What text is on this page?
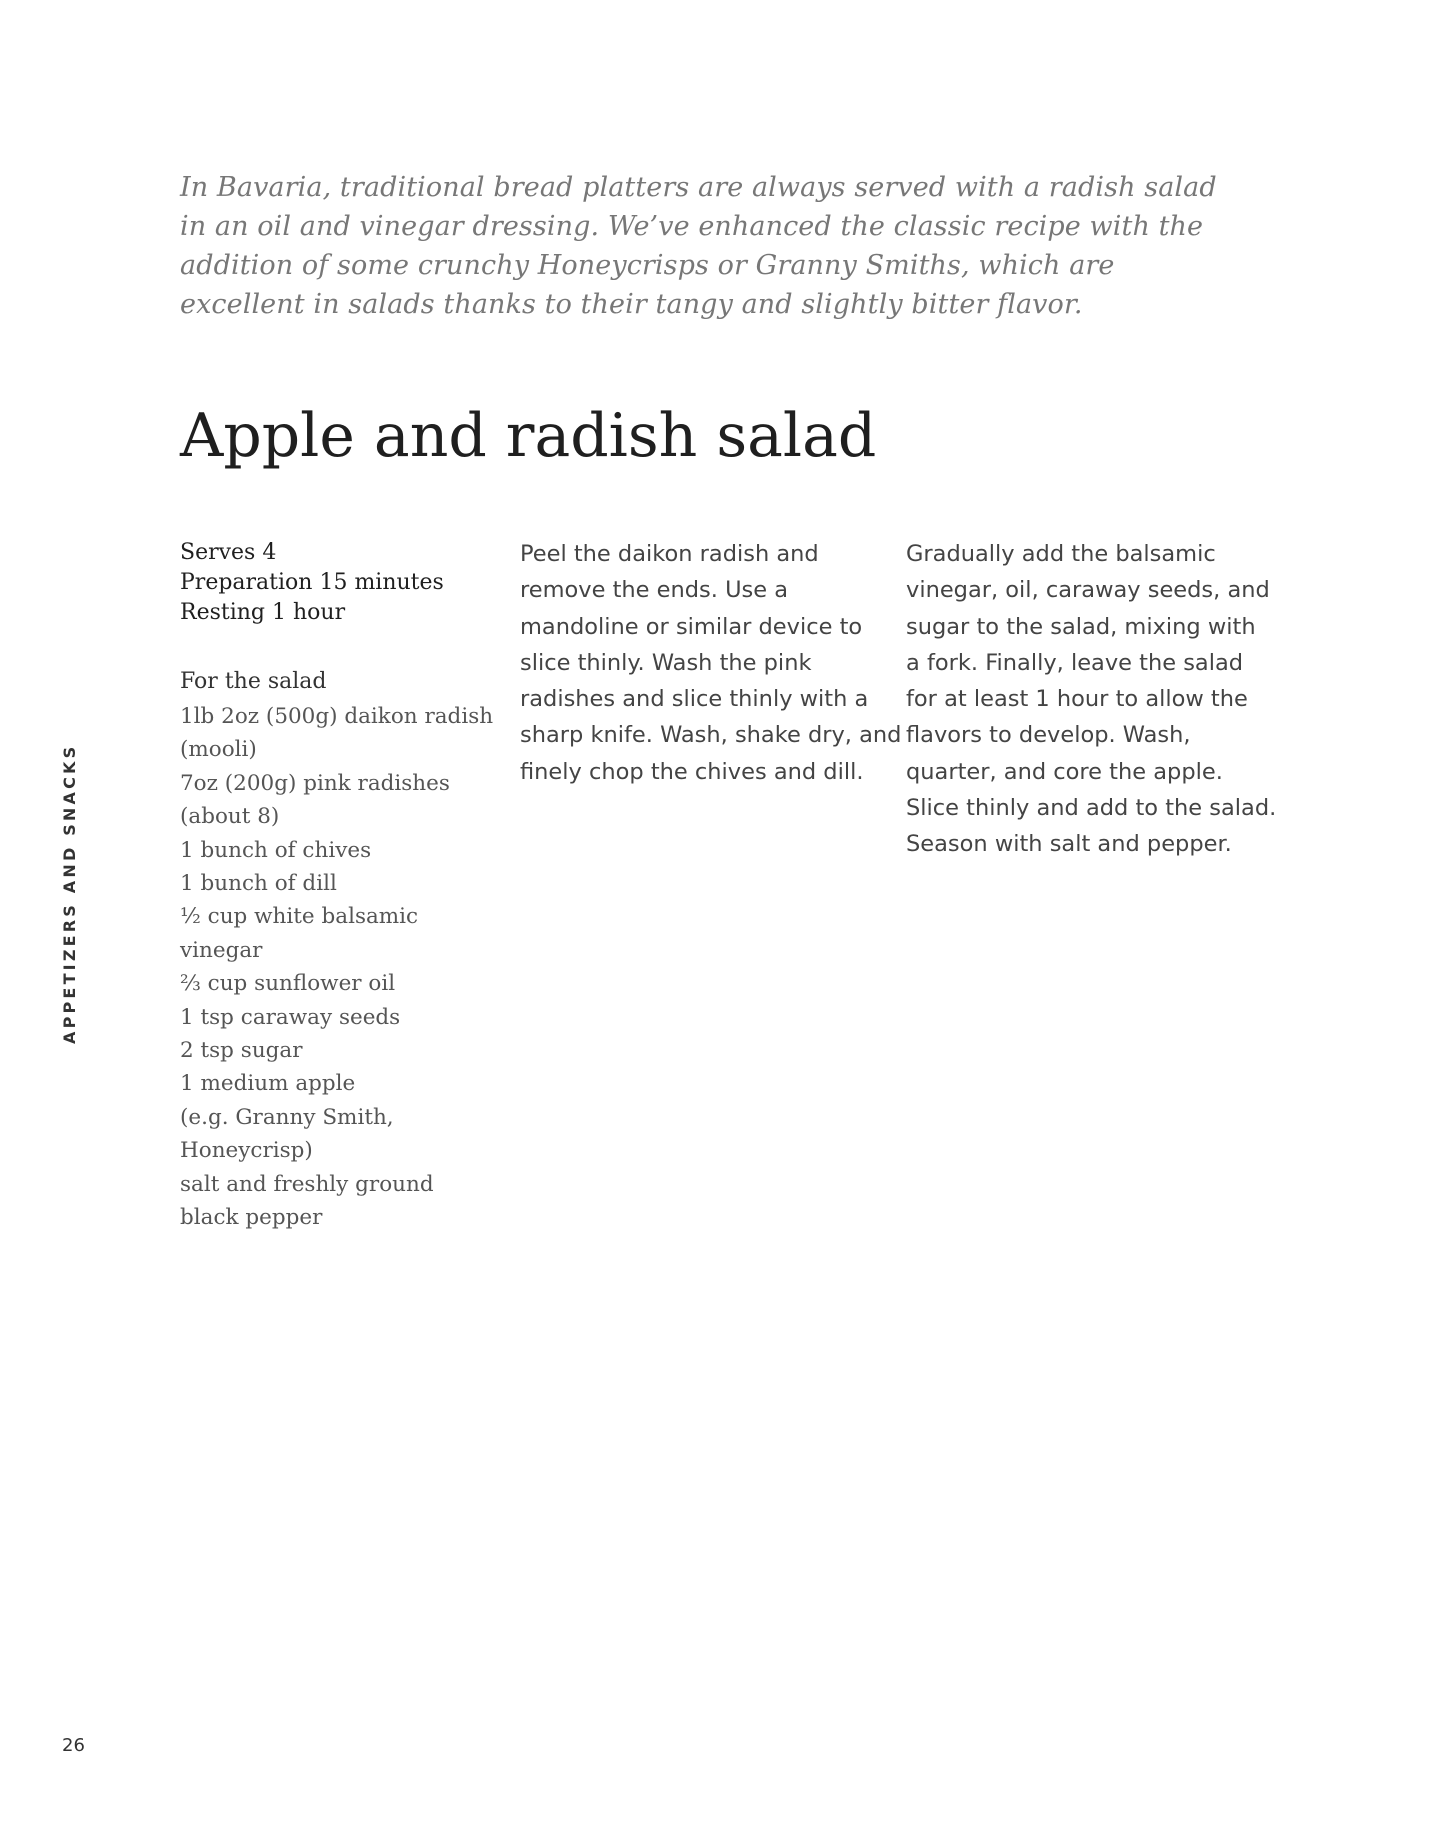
In Bavaria, traditional bread platters are always served with a radish salad in an oil and vinegar dressing. We’ve enhanced the classic recipe with the addition of some crunchy Honeycrisps or Granny Smiths, which are excellent in salads thanks to their tangy and slightly bitter flavor.

Apple and radish salad
Serves 4
Preparation 15 minutes
Resting 1 hour
For the salad
1lb 2oz (500g) daikon radish
(mooli)
7oz (200g) pink radishes
(about 8)
1 bunch of chives
1 bunch of dill
½ cup white balsamic
vinegar
⅔ cup sunflower oil
1 tsp caraway seeds
2 tsp sugar
1 medium apple
(e.g. Granny Smith,
Honeycrisp)
salt and freshly ground
black pepper

Peel the daikon radish and
remove the ends. Use a
mandoline or similar device to
slice thinly. Wash the pink
radishes and slice thinly with a
sharp knife. Wash, shake dry, and
finely chop the chives and dill.

Gradually add the balsamic
vinegar, oil, caraway seeds, and
sugar to the salad, mixing with
a fork. Finally, leave the salad
for at least 1 hour to allow the
flavors to develop. Wash,
quarter, and core the apple.
Slice thinly and add to the salad.
Season with salt and pepper.

APPETIZERS AND SNACKS
26
